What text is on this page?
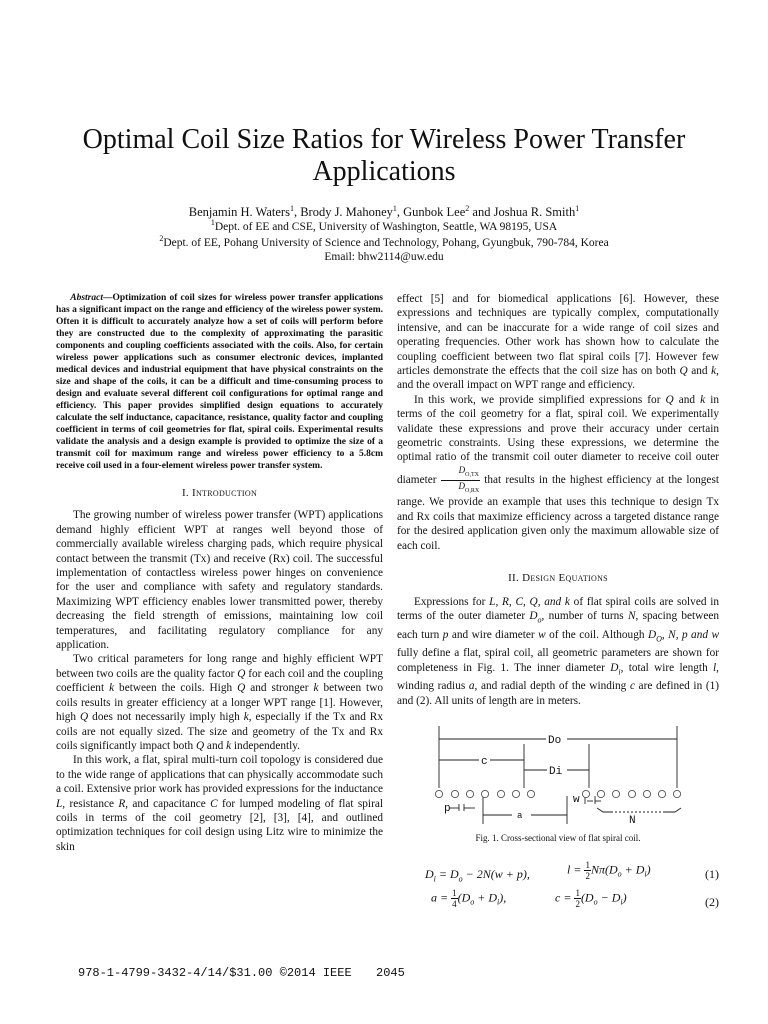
Optimal Coil Size Ratios for Wireless Power Transfer Applications
Benjamin H. Waters$^1$, Brody J. Mahoney$^1$, Gunbok Lee$^2$ and Joshua R. Smith$^1$
$^1$Dept. of EE and CSE, University of Washington, Seattle, WA 98195, USA
$^2$Dept. of EE, Pohang University of Science and Technology, Pohang, Gyungbuk, 790-784, Korea
Email: bhw2114@uw.edu

Abstract—Optimization of coil sizes for wireless power transfer applications has a significant impact on the range and efficiency of the wireless power system. Often it is difficult to accurately analyze how a set of coils will perform before they are constructed due to the complexity of approximating the parasitic components and coupling coefficients associated with the coils. Also, for certain wireless power applications such as consumer electronic devices, implanted medical devices and industrial equipment that have physical constraints on the size and shape of the coils, it can be a difficult and time-consuming process to design and evaluate several different coil configurations for optimal range and efficiency. This paper provides simplified design equations to accurately calculate the self inductance, capacitance, resistance, quality factor and coupling coefficient in terms of coil geometries for flat, spiral coils. Experimental results validate the analysis and a design example is provided to optimize the size of a transmit coil for maximum range and wireless power efficiency to a 5.8cm receive coil used in a four-element wireless power transfer system.

I. Introduction

The growing number of wireless power transfer (WPT) applications demand highly efficient WPT at ranges well beyond those of commercially available wireless charging pads, which require physical contact between the transmit (Tx) and receive (Rx) coil. The successful implementation of contactless wireless power hinges on convenience for the user and compliance with safety and regulatory standards. Maximizing WPT efficiency enables lower transmitted power, thereby decreasing the field strength of emissions, maintaining low coil temperatures, and facilitating regulatory compliance for any application.

Two critical parameters for long range and highly efficient WPT between two coils are the quality factor Q for each coil and the coupling coefficient k between the coils. High Q and stronger k between two coils results in greater efficiency at a longer WPT range [1]. However, high Q does not necessarily imply high k, especially if the Tx and Rx coils are not equally sized. The size and geometry of the Tx and Rx coils significantly impact both Q and k independently.

In this work, a flat, spiral multi-turn coil topology is considered due to the wide range of applications that can physically accommodate such a coil. Extensive prior work has provided expressions for the inductance L, resistance R, and capacitance C for lumped modeling of flat spiral coils in terms of the coil geometry [2], [3], [4], and outlined optimization techniques for coil design using Litz wire to minimize the skin

effect [5] and for biomedical applications [6]. However, these expressions and techniques are typically complex, computationally intensive, and can be inaccurate for a wide range of coil sizes and operating frequencies. Other work has shown how to calculate the coupling coefficient between two flat spiral coils [7]. However few articles demonstrate the effects that the coil size has on both Q and k, and the overall impact on WPT range and efficiency.

In this work, we provide simplified expressions for Q and k in terms of the coil geometry for a flat, spiral coil. We experimentally validate these expressions and prove their accuracy under certain geometric constraints. Using these expressions, we determine the optimal ratio of the transmit coil outer diameter to receive coil outer diameter $\frac{D_{O,TX}}{D_{O,RX}}$ that results in the highest efficiency at the longest range. We provide an example that uses this technique to design Tx and Rx coils that maximize efficiency across a targeted distance range for the desired application given only the maximum allowable size of each coil.

II. Design Equations

Expressions for L, R, C, Q, and k of flat spiral coils are solved in terms of the outer diameter $D_o$, number of turns N, spacing between each turn p and wire diameter w of the coil. Although $D_O$, N, p and w fully define a flat, spiral coil, all geometric parameters are shown for completeness in Fig. 1. The inner diameter $D_i$, total wire length l, winding radius a, and radial depth of the winding c are defined in (1) and (2). All units of length are in meters.

Do
c
Di
w
p
a	N
Fig. 1. Cross-sectional view of flat spiral coil.
$D_i = D_o - 2N(w + p)$,	$l = \frac{1}{2} N\pi(D_o + D_i)$	(1)
$a = \frac{1}{4} (D_o + D_i)$,	$c = \frac{1}{2} (D_o - D_i)$	(2)
978-1-4799-3432-4/14/$31.00 ©2014 IEEE 2045
